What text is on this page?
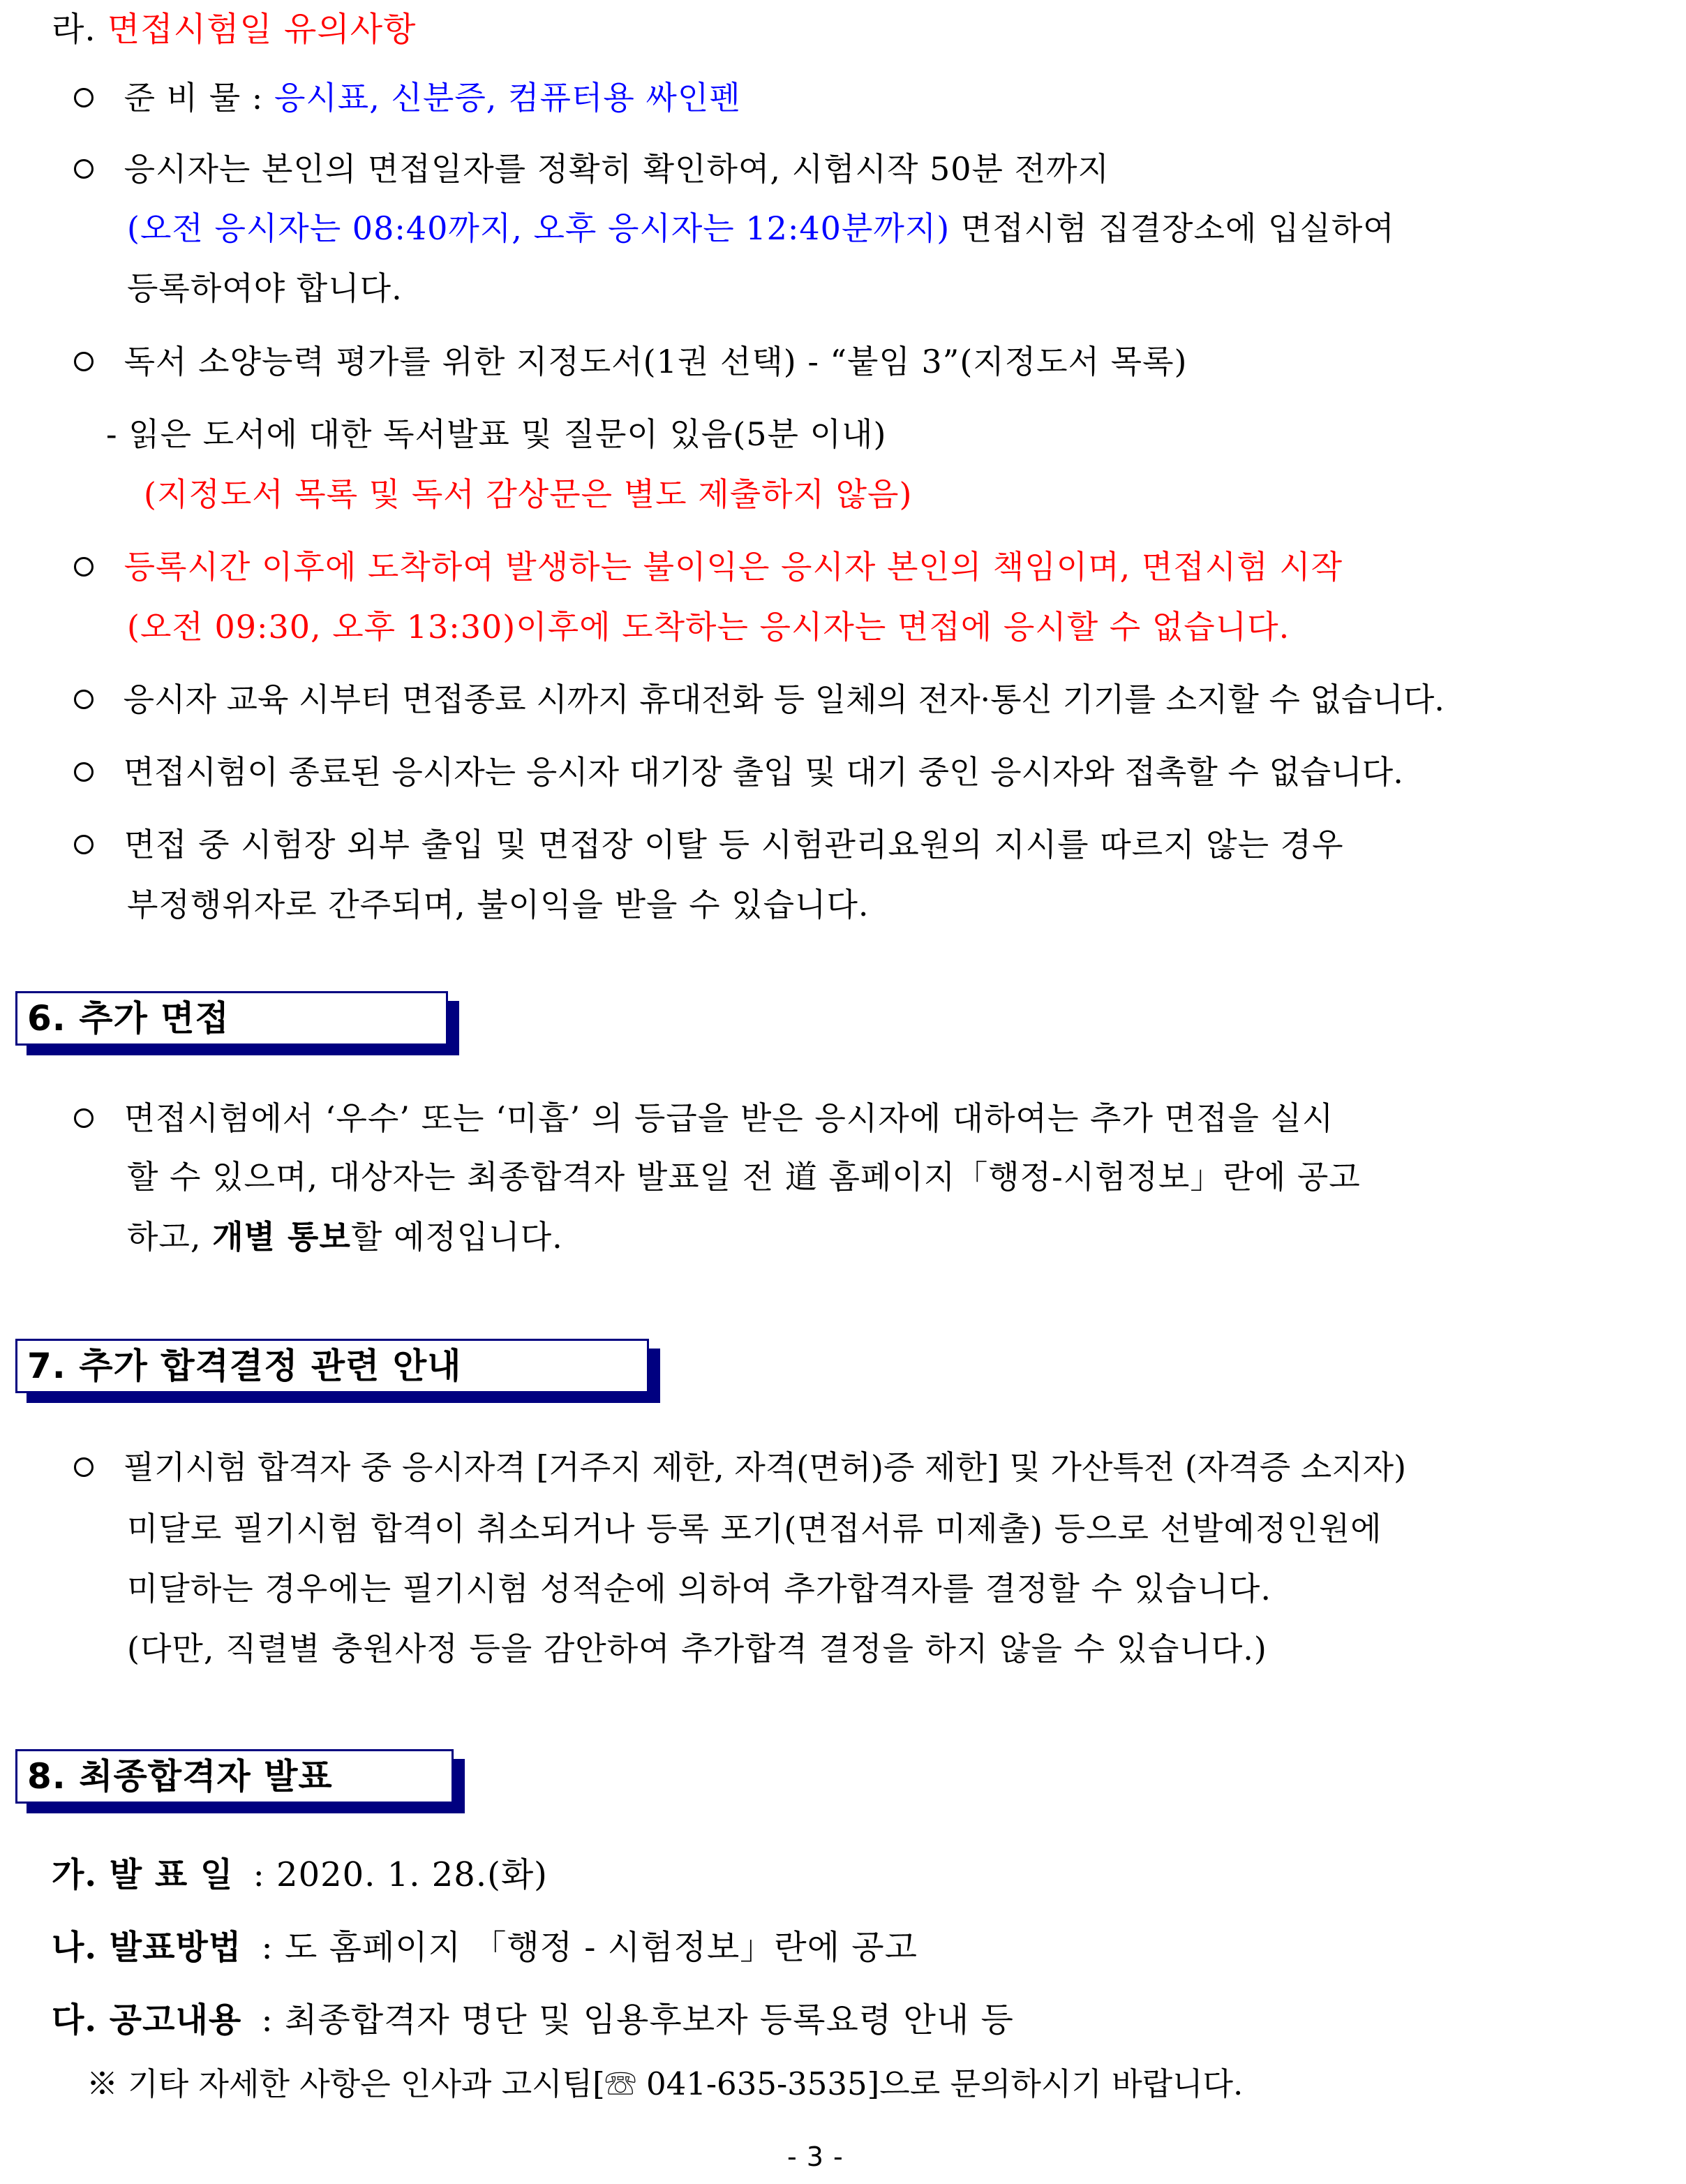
라. 면접시험일 유의사항
준 비 물 : 응시표, 신분증, 컴퓨터용 싸인펜
응시자는 본인의 면접일자를 정확히 확인하여, 시험시작 50분 전까지
(오전 응시자는 08:40까지, 오후 응시자는 12:40분까지) 면접시험 집결장소에 입실하여
등록하여야 합니다.
독서 소양능력 평가를 위한 지정도서(1권 선택) - “붙임 3”(지정도서 목록)
- 읽은 도서에 대한 독서발표 및 질문이 있음(5분 이내)
(지정도서 목록 및 독서 감상문은 별도 제출하지 않음)
등록시간 이후에 도착하여 발생하는 불이익은 응시자 본인의 책임이며, 면접시험 시작
(오전 09:30, 오후 13:30)이후에 도착하는 응시자는 면접에 응시할 수 없습니다.
응시자 교육 시부터 면접종료 시까지 휴대전화 등 일체의 전자·통신 기기를 소지할 수 없습니다.
면접시험이 종료된 응시자는 응시자 대기장 출입 및 대기 중인 응시자와 접촉할 수 없습니다.
면접 중 시험장 외부 출입 및 면접장 이탈 등 시험관리요원의 지시를 따르지 않는 경우
부정행위자로 간주되며, 불이익을 받을 수 있습니다.
6. 추가 면접
면접시험에서 ‘우수’ 또는 ‘미흡’ 의 등급을 받은 응시자에 대하여는 추가 면접을 실시
할 수 있으며, 대상자는 최종합격자 발표일 전 道 홈페이지「행정-시험정보」란에 공고
하고, 개별 통보할 예정입니다.
7. 추가 합격결정 관련 안내
필기시험 합격자 중 응시자격 [거주지 제한, 자격(면허)증 제한] 및 가산특전 (자격증 소지자)
미달로 필기시험 합격이 취소되거나 등록 포기(면접서류 미제출) 등으로 선발예정인원에
미달하는 경우에는 필기시험 성적순에 의하여 추가합격자를 결정할 수 있습니다.
(다만, 직렬별 충원사정 등을 감안하여 추가합격 결정을 하지 않을 수 있습니다.)
8. 최종합격자 발표
가. 발 표 일 : 2020. 1. 28.(화)
나. 발표방법 : 도 홈페이지 「행정 - 시험정보」란에 공고
다. 공고내용 : 최종합격자 명단 및 임용후보자 등록요령 안내 등
※ 기타 자세한 사항은 인사과 고시팀[☏ 041-635-3535]으로 문의하시기 바랍니다.
- 3 -
